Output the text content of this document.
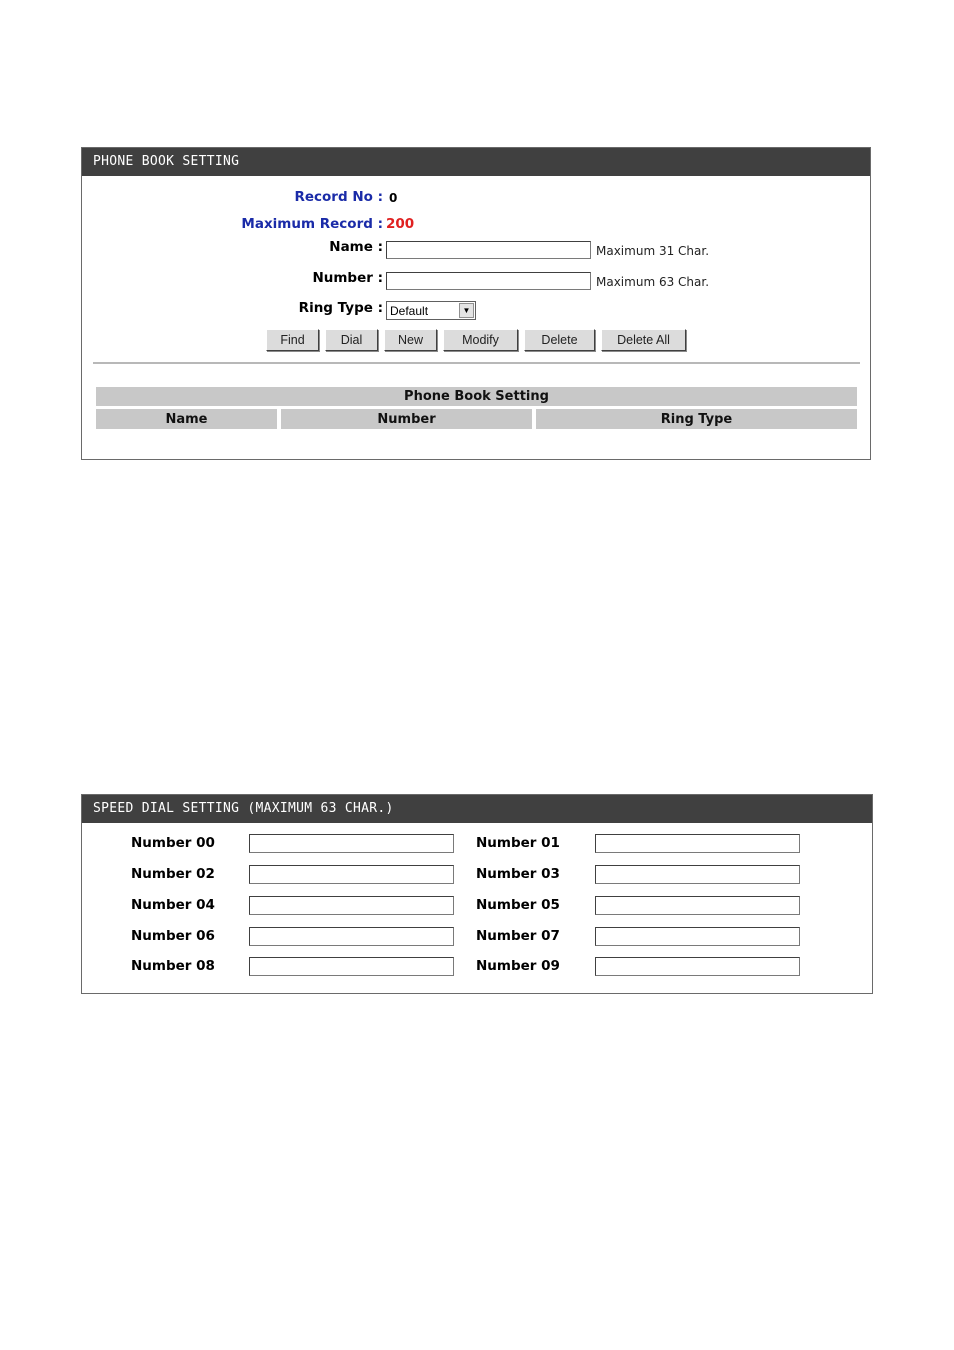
PHONE BOOK SETTING
Record No : 0
Maximum Record : 200
Name :	Maximum 31 Char.
Number :	Maximum 63 Char.
Ring Type : Default	▼
Find	Dial	New	Modify	Delete	Delete All
Phone Book Setting
Name	Number	Ring Type
SPEED DIAL SETTING (MAXIMUM 63 CHAR.)
Number 00	Number 01
Number 02	Number 03
Number 04	Number 05
Number 06	Number 07
Number 08	Number 09
